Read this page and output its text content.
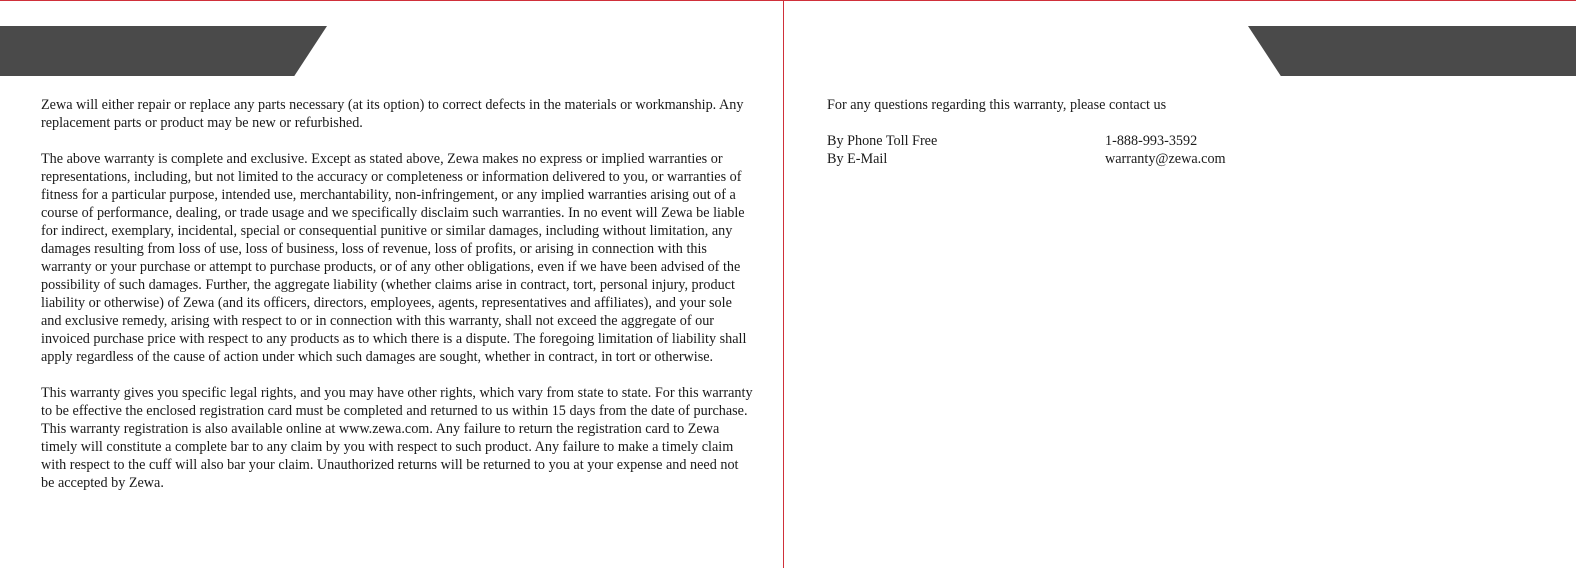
Zewa will either repair or replace any parts necessary (at its option) to correct defects in the materials or workmanship. Any replacement parts or product may be new or refurbished.

The above warranty is complete and exclusive. Except as stated above, Zewa makes no express or implied warranties or representations, including, but not limited to the accuracy or completeness or information delivered to you, or warranties of fitness for a particular purpose, intended use, merchantability, non-infringement, or any implied warranties arising out of a course of performance, dealing, or trade usage and we specifically disclaim such warranties. In no event will Zewa be liable for indirect, exemplary, incidental, special or consequential punitive or similar damages, including without limitation, any damages resulting from loss of use, loss of business, loss of revenue, loss of profits, or arising in connection with this warranty or your purchase or attempt to purchase products, or of any other obligations, even if we have been advised of the possibility of such damages. Further, the aggregate liability (whether claims arise in contract, tort, personal injury, product liability or otherwise) of Zewa (and its officers, directors, employees, agents, representatives and affiliates), and your sole and exclusive remedy, arising with respect to or in connection with this warranty, shall not exceed the aggregate of our invoiced purchase price with respect to any products as to which there is a dispute. The foregoing limitation of liability shall apply regardless of the cause of action under which such damages are sought, whether in contract, in tort or otherwise.

This warranty gives you specific legal rights, and you may have other rights, which vary from state to state. For this warranty to be effective the enclosed registration card must be completed and returned to us within 15 days from the date of purchase. This warranty registration is also available online at www.zewa.com. Any failure to return the registration card to Zewa timely will constitute a complete bar to any claim by you with respect to such product. Any failure to make a timely claim with respect to the cuff will also bar your claim. Unauthorized returns will be returned to you at your expense and need not be accepted by Zewa.

For any questions regarding this warranty, please contact us

By Phone Toll Free	1-888-993-3592
By E-Mail	warranty@zewa.com
